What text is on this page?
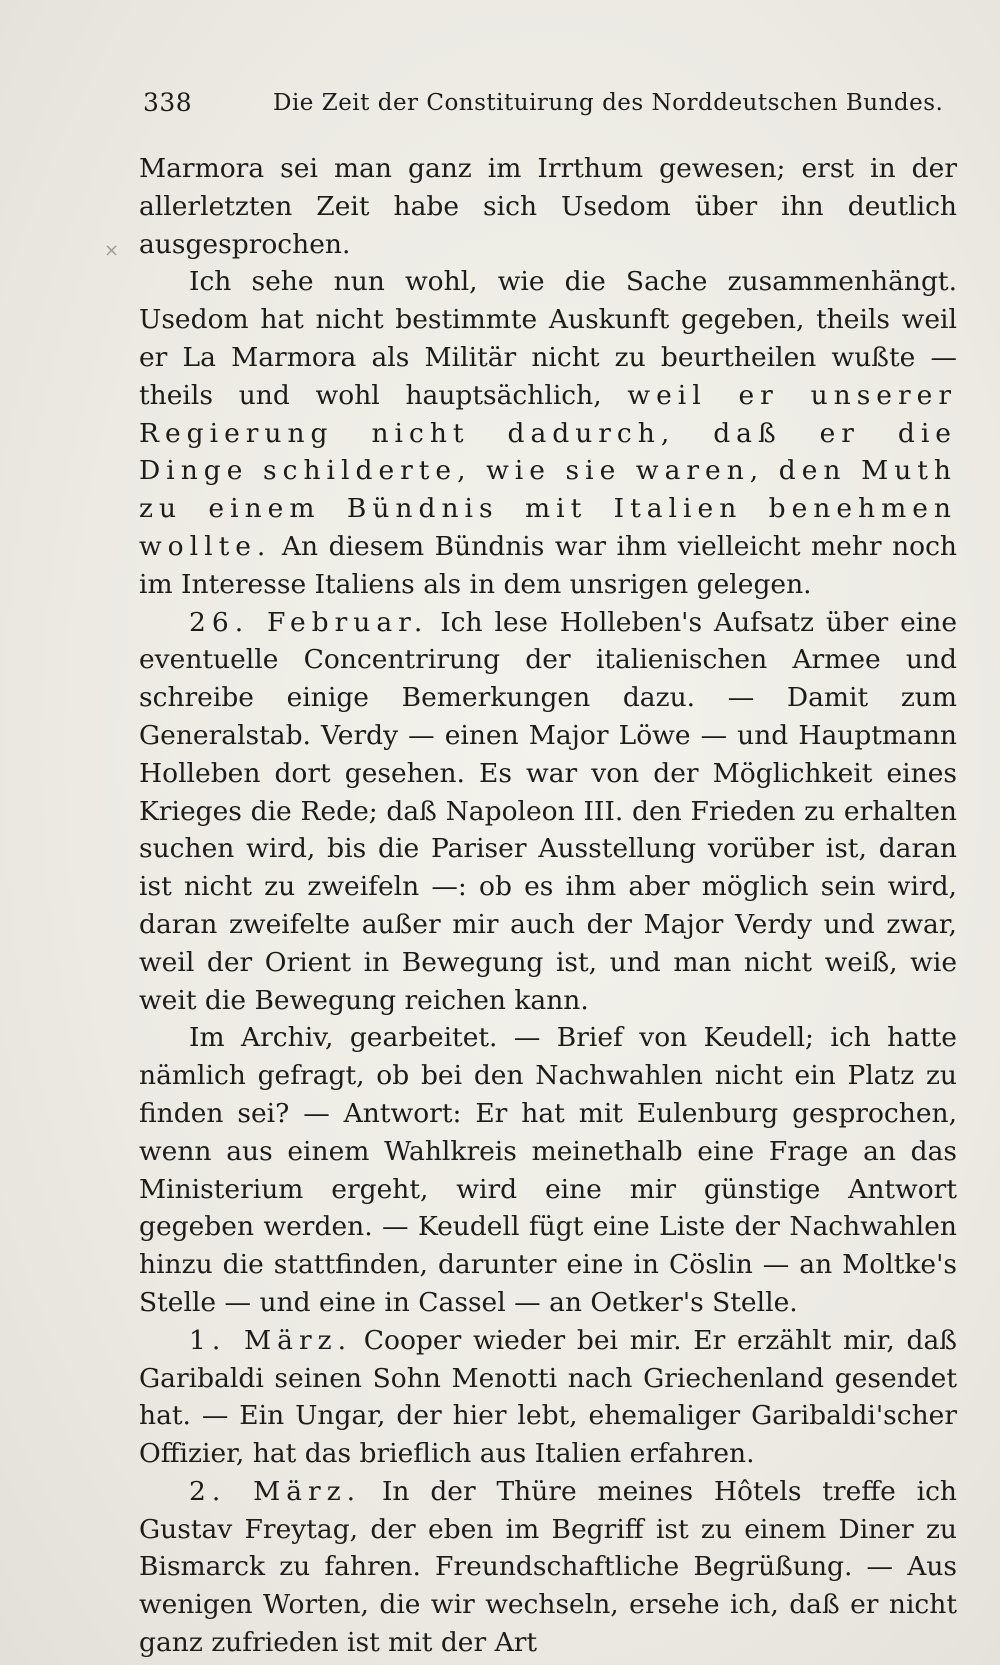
338	Die Zeit der Constituirung des Norddeutschen Bundes.
×

Marmora sei man ganz im Irrthum gewesen; erst in der allerletzten Zeit habe sich Usedom über ihn deutlich ausgesprochen.

Ich sehe nun wohl, wie die Sache zusammenhängt. Usedom hat nicht bestimmte Auskunft gegeben, theils weil er La Marmora als Militär nicht zu beurtheilen wußte — theils und wohl hauptsächlich, weil er unserer Regierung nicht dadurch, daß er die Dinge schilderte, wie sie waren, den Muth zu einem Bündnis mit Italien benehmen wollte. An diesem Bündnis war ihm vielleicht mehr noch im Interesse Italiens als in dem unsrigen gelegen.

26. Februar. Ich lese Holleben's Aufsatz über eine eventuelle Concentrirung der italienischen Armee und schreibe einige Bemerkungen dazu. — Damit zum Generalstab. Verdy — einen Major Löwe — und Hauptmann Holleben dort gesehen. Es war von der Möglichkeit eines Krieges die Rede; daß Napoleon III. den Frieden zu erhalten suchen wird, bis die Pariser Ausstellung vorüber ist, daran ist nicht zu zweifeln —: ob es ihm aber möglich sein wird, daran zweifelte außer mir auch der Major Verdy und zwar, weil der Orient in Bewegung ist, und man nicht weiß, wie weit die Bewegung reichen kann.

Im Archiv, gearbeitet. — Brief von Keudell; ich hatte nämlich gefragt, ob bei den Nachwahlen nicht ein Platz zu finden sei? — Antwort: Er hat mit Eulenburg gesprochen, wenn aus einem Wahlkreis meinethalb eine Frage an das Ministerium ergeht, wird eine mir günstige Antwort gegeben werden. — Keudell fügt eine Liste der Nachwahlen hinzu die stattfinden, darunter eine in Cöslin — an Moltke's Stelle — und eine in Cassel — an Oetker's Stelle.

1. März. Cooper wieder bei mir. Er erzählt mir, daß Garibaldi seinen Sohn Menotti nach Griechenland gesendet hat. — Ein Ungar, der hier lebt, ehemaliger Garibaldi'scher Offizier, hat das brieflich aus Italien erfahren.

2. März. In der Thüre meines Hôtels treffe ich Gustav Freytag, der eben im Begriff ist zu einem Diner zu Bismarck zu fahren. Freundschaftliche Begrüßung. — Aus wenigen Worten, die wir wechseln, ersehe ich, daß er nicht ganz zufrieden ist mit der Art
